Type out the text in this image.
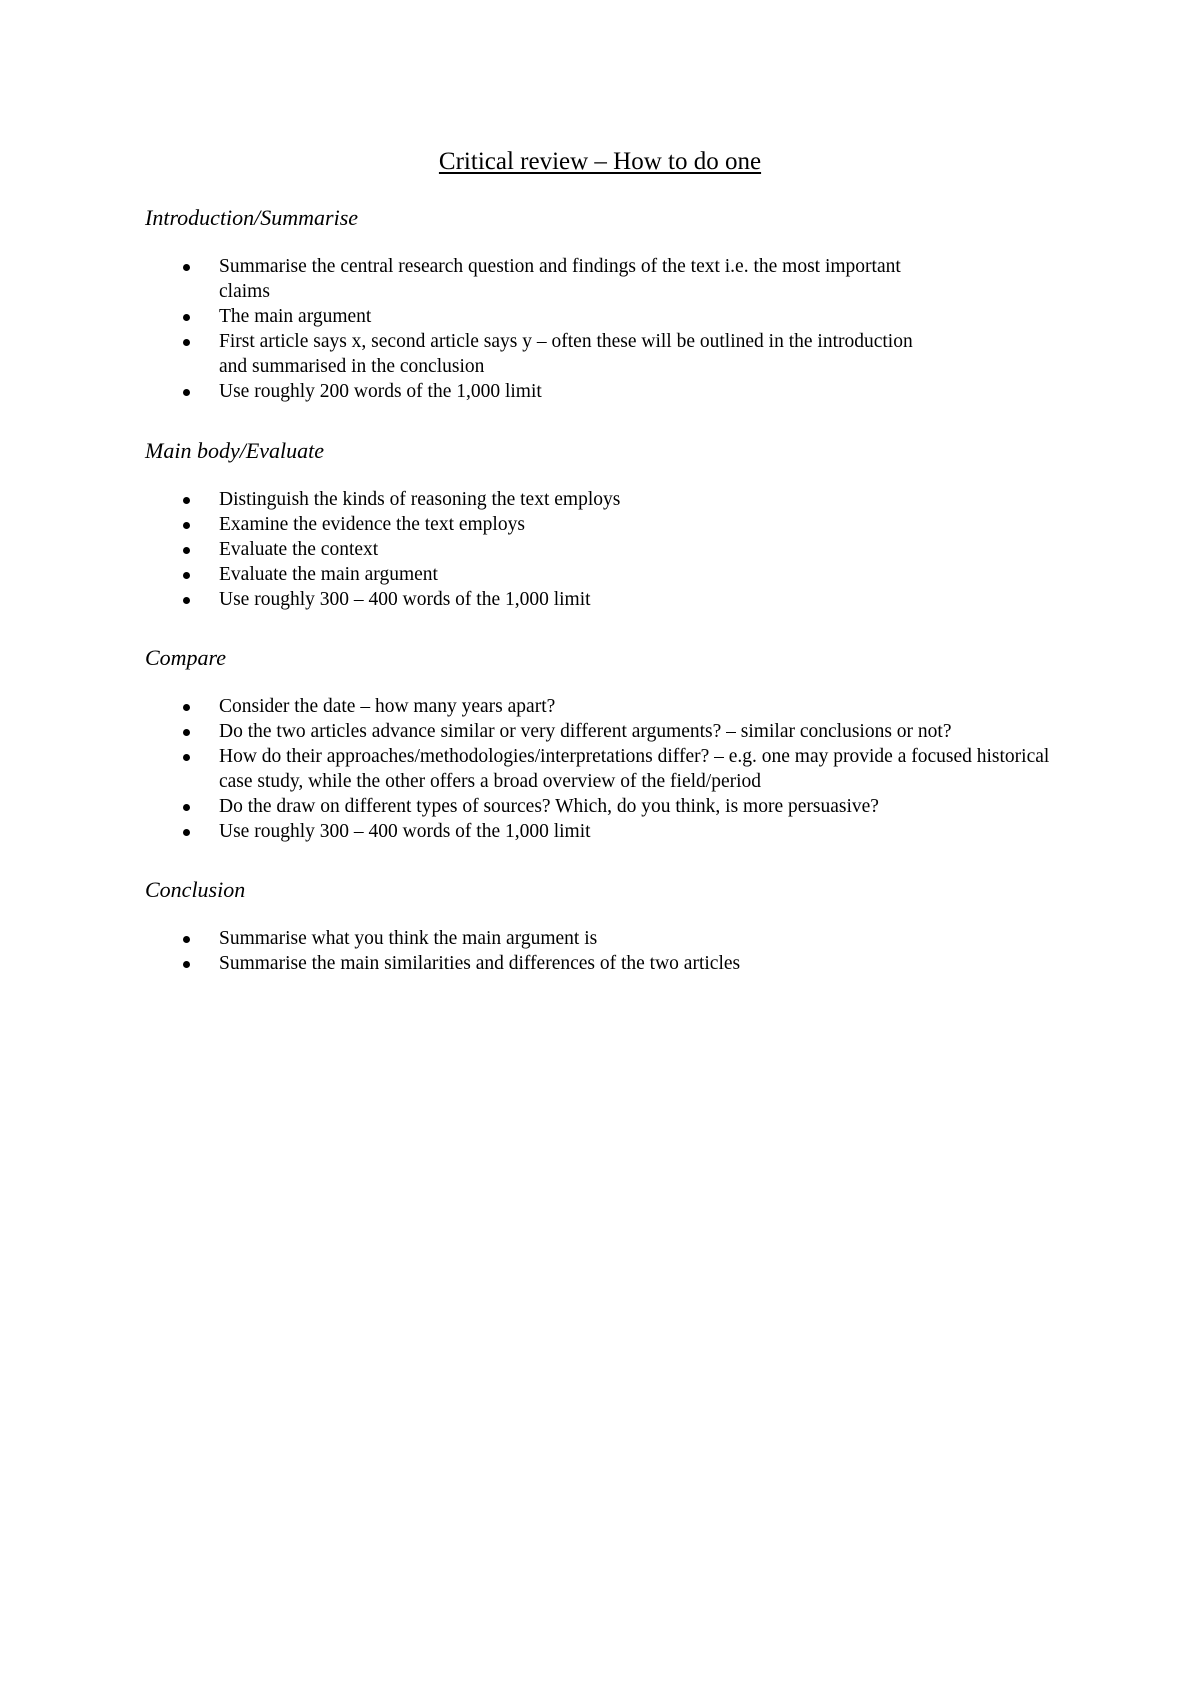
Critical review – How to do one
Introduction/Summarise
Summarise the central research question and findings of the text i.e. the most important claims
The main argument
First article says x, second article says y – often these will be outlined in the introduction and summarised in the conclusion
Use roughly 200 words of the 1,000 limit
Main body/Evaluate
Distinguish the kinds of reasoning the text employs
Examine the evidence the text employs
Evaluate the context
Evaluate the main argument
Use roughly 300 – 400 words of the 1,000 limit
Compare
Consider the date – how many years apart?
Do the two articles advance similar or very different arguments? – similar conclusions or not?
How do their approaches/methodologies/interpretations differ? – e.g. one may provide a focused historical case study, while the other offers a broad overview of the field/period
Do the draw on different types of sources? Which, do you think, is more persuasive?
Use roughly 300 – 400 words of the 1,000 limit
Conclusion
Summarise what you think the main argument is
Summarise the main similarities and differences of the two articles
